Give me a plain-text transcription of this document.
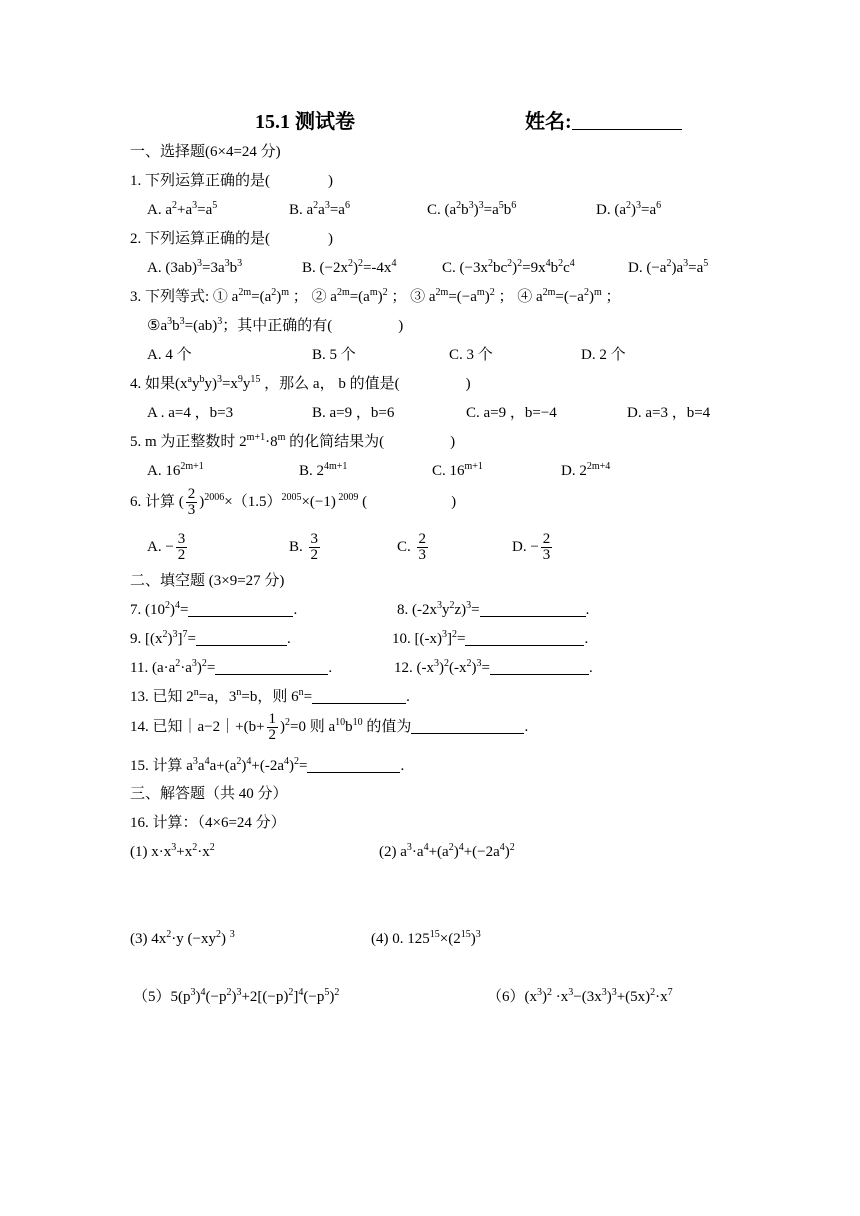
15.1 测试卷	姓名:
一、选择题(6×4=24 分)
1. 下列运算正确的是(	)
A. $a^2+a^3=a^5$	B. $a^2a^3=a^6$	C. $(a^2b^3)^3=a^5b^6$	D. $(a^2)^3=a^6$
2. 下列运算正确的是(	)
A. $(3ab)^3=3a^3b^3$	B. $(-2x^2)^2=-4x^4$	C. $(-3x^2bc^2)^2=9x^4b^2c^4$	D. $(-a^2)a^3=a^5$
3. 下列等式: ① $a^{2m}=(a^2)^m$ ； ② $a^{2m}=(a^m)^2$ ； ③ $a^{2m}=(-a^m)^2$ ； ④ $a^{2m}=(-a^2)^m$ ；
$⑤a^3b^3=(ab)^3$；其中正确的有(	)
A. 4 个	B. 5 个	C. 3 个	D. 2 个
4. 如果$(x^ay^by)^3=x^9y^{15}$ ，那么 a， b 的值是(	)
A . a=4 ，b=3	B. a=9 ，b=6	C. a=9 ，b=−4	D. a=3 ，b=4
5. m 为正整数时 $2^{m+1}\cdot 8^m$ 的化简结果为(	)
A. $16^{2m+1}$	B. $2^{4m+1}$	C. $16^{m+1}$	D. $2^{2m+4}$
6. 计算 ( $\frac{2}{3} )^{2006}\times(1.5)^{2005}\times(-1)$ $^{2009}$ (	)
A. − $\frac{3}{2}$	B. $\frac{3}{2}$	C. $\frac{2}{3}$	D. − $\frac{2}{3}$
二、填空题 (3×9=27 分)
7. $(10^2)^4=$	.	8. $(-2x^3y^2z)^3=$	.
9. $[(x^2)^3]^7=$	.	10. $[(-x)^3]^2=$	.
11. $(a\cdot a^2\cdot a^3)^2=$	.	12. $(-x^3)^2(-x^2)^3=$	.
13. 已知 $2^n=a$，$3^n=b$，则 $6^n=$	.
14. 已知｜a−2｜+(b+ $\frac{1}{2} )^2=0$ 则 $a^{10}b^{10}$ 的值为	.
15. 计算 $a^3a^4a+(a^2)^4+(-2a^4)^2=$	.
三、解答题（共 40 分）
16. 计算：（4×6=24 分）
(1) $x\cdot x^3+x^2\cdot x^2$	(2) $a^3\cdot a^4+(a^2)^4+(-2a^4)^2$
(3) $4x^2\cdot y$ $(-xy^2)$ $^3$	(4) 0. $125^{15}\times(2^{15})^3$
$(5)5(p^3)^4(-p^2)^3+2[(-p)^2]^4(-p^5)^2$	$(6)(x^3)^2 \cdot x^3-(3x^3)^3+(5x)^2\cdot x^7$
